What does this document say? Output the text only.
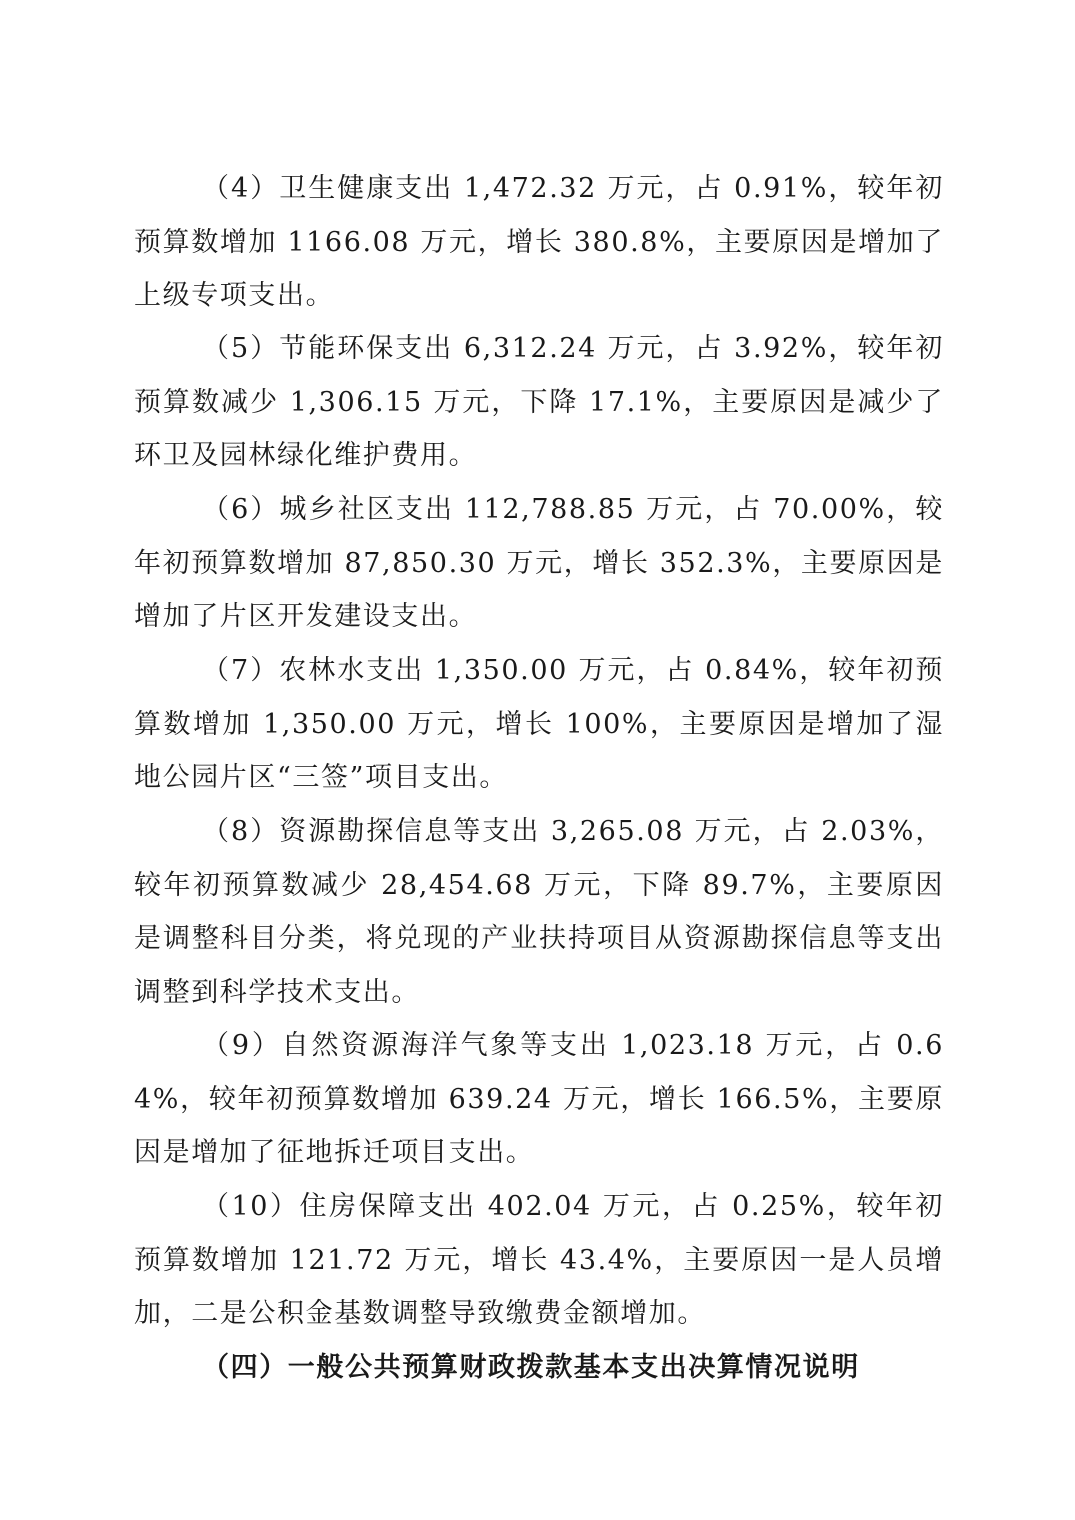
（4）卫生健康支出 1,472.32 万元，占 0.91%，较年初预算数增加 1166.08 万元，增长 380.8%，主要原因是增加了上级专项支出。

（5）节能环保支出 6,312.24 万元，占 3.92%，较年初预算数减少 1,306.15 万元，下降 17.1%，主要原因是减少了环卫及园林绿化维护费用。

（6）城乡社区支出 112,788.85 万元，占 70.00%，较年初预算数增加 87,850.30 万元，增长 352.3%，主要原因是增加了片区开发建设支出。

（7）农林水支出 1,350.00 万元，占 0.84%，较年初预算数增加 1,350.00 万元，增长 100%，主要原因是增加了湿地公园片区“三签”项目支出。

（8）资源勘探信息等支出 3,265.08 万元，占 2.03%，较年初预算数减少 28,454.68 万元，下降 89.7%，主要原因是调整科目分类，将兑现的产业扶持项目从资源勘探信息等支出调整到科学技术支出。

（9）自然资源海洋气象等支出 1,023.18 万元，占 0.64%，较年初预算数增加 639.24 万元，增长 166.5%，主要原因是增加了征地拆迁项目支出。

（10）住房保障支出 402.04 万元，占 0.25%，较年初预算数增加 121.72 万元，增长 43.4%，主要原因一是人员增加，二是公积金基数调整导致缴费金额增加。

（四）一般公共预算财政拨款基本支出决算情况说明
